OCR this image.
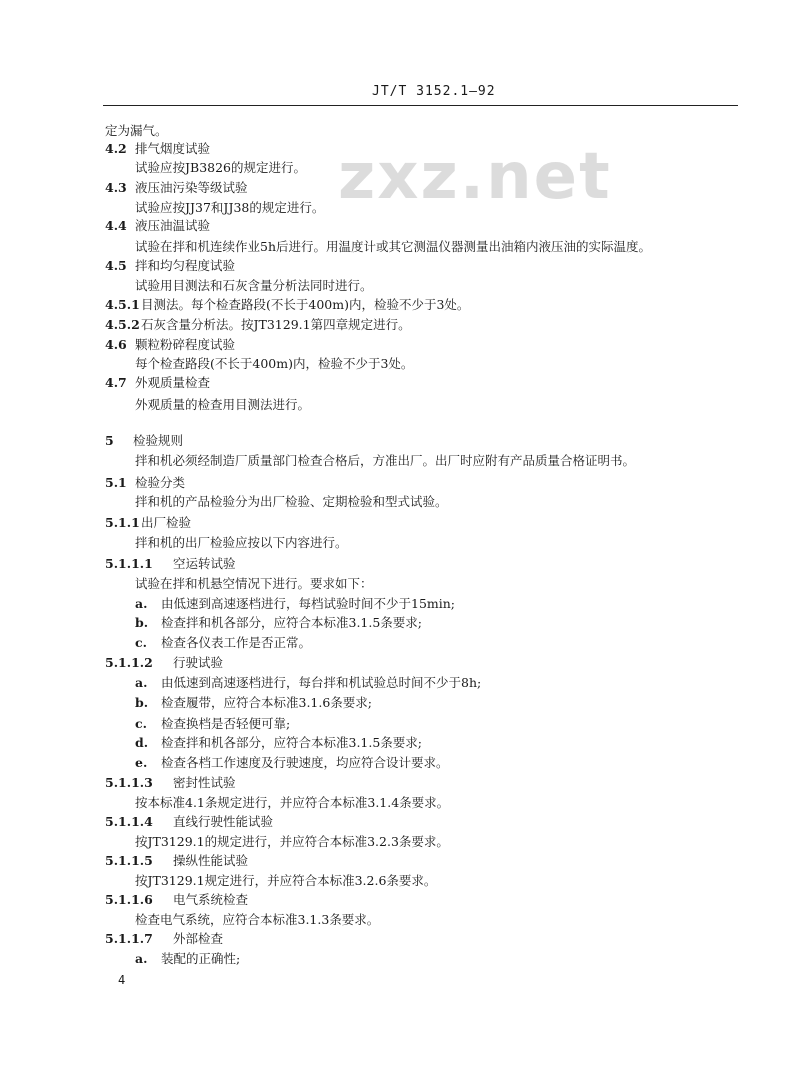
JT/T 3152.1—92
zxz.net
定为漏气。
4.2 排气烟度试验
试验应按JB3826的规定进行。
4.3 液压油污染等级试验
试验应按JJ37和JJ38的规定进行。
4.4 液压油温试验
试验在拌和机连续作业5h后进行。用温度计或其它测温仪器测量出油箱内液压油的实际温度。
4.5 拌和均匀程度试验
试验用目测法和石灰含量分析法同时进行。
4.5.1目测法。每个检查路段(不长于400m)内，检验不少于3处。
4.5.2石灰含量分析法。按JT3129.1第四章规定进行。
4.6 颗粒粉碎程度试验
每个检查路段(不长于400m)内，检验不少于3处。
4.7 外观质量检查
外观质量的检查用目测法进行。
5 检验规则
拌和机必须经制造厂质量部门检查合格后，方准出厂。出厂时应附有产品质量合格证明书。
5.1 检验分类
拌和机的产品检验分为出厂检验、定期检验和型式试验。
5.1.1出厂检验
拌和机的出厂检验应按以下内容进行。
5.1.1.1 空运转试验
试验在拌和机悬空情况下进行。要求如下：
a. 由低速到高速逐档进行，每档试验时间不少于15min;
b. 检查拌和机各部分，应符合本标准3.1.5条要求;
c. 检查各仪表工作是否正常。
5.1.1.2 行驶试验
a. 由低速到高速逐档进行，每台拌和机试验总时间不少于8h;
b. 检查履带，应符合本标准3.1.6条要求;
c. 检查换档是否轻便可靠;
d. 检查拌和机各部分，应符合本标准3.1.5条要求;
e. 检查各档工作速度及行驶速度，均应符合设计要求。
5.1.1.3 密封性试验
按本标准4.1条规定进行，并应符合本标准3.1.4条要求。
5.1.1.4 直线行驶性能试验
按JT3129.1的规定进行，并应符合本标准3.2.3条要求。
5.1.1.5 操纵性能试验
按JT3129.1规定进行，并应符合本标准3.2.6条要求。
5.1.1.6 电气系统检查
检查电气系统，应符合本标准3.1.3条要求。
5.1.1.7 外部检查
a. 装配的正确性;
4
